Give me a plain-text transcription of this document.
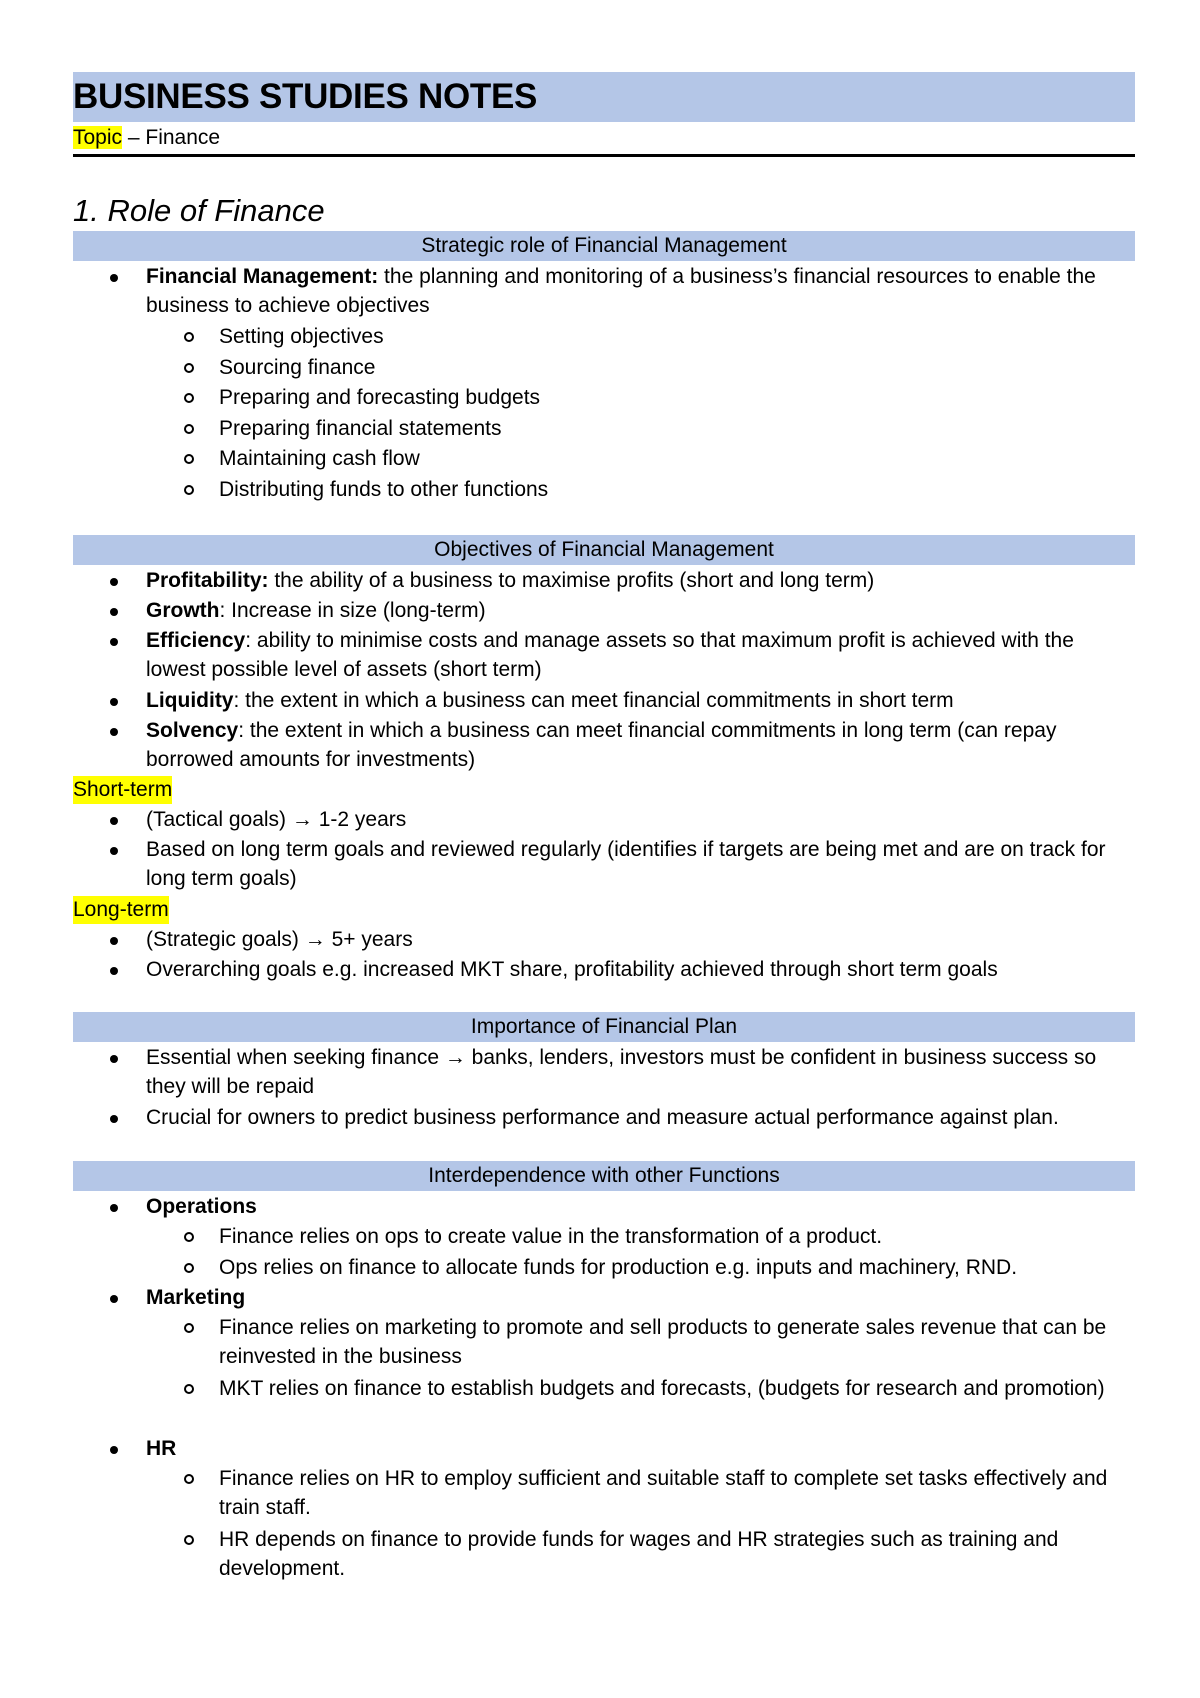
BUSINESS STUDIES NOTES
Topic – Finance
1. Role of Finance
Strategic role of Financial Management
Financial Management: the planning and monitoring of a business’s financial resources to enable the business to achieve objectives
Setting objectives
Sourcing finance
Preparing and forecasting budgets
Preparing financial statements
Maintaining cash flow
Distributing funds to other functions
Objectives of Financial Management
Profitability: the ability of a business to maximise profits (short and long term)
Growth: Increase in size (long-term)
Efficiency: ability to minimise costs and manage assets so that maximum profit is achieved with the lowest possible level of assets (short term)
Liquidity: the extent in which a business can meet financial commitments in short term
Solvency: the extent in which a business can meet financial commitments in long term (can repay borrowed amounts for investments)
Short-term
(Tactical goals) → 1-2 years
Based on long term goals and reviewed regularly (identifies if targets are being met and are on track for long term goals)
Long-term
(Strategic goals) → 5+ years
Overarching goals e.g. increased MKT share, profitability achieved through short term goals
Importance of Financial Plan
Essential when seeking finance → banks, lenders, investors must be confident in business success so they will be repaid
Crucial for owners to predict business performance and measure actual performance against plan.
Interdependence with other Functions
Operations
Finance relies on ops to create value in the transformation of a product.
Ops relies on finance to allocate funds for production e.g. inputs and machinery, RND.
Marketing
Finance relies on marketing to promote and sell products to generate sales revenue that can be reinvested in the business
MKT relies on finance to establish budgets and forecasts, (budgets for research and promotion)
HR
Finance relies on HR to employ sufficient and suitable staff to complete set tasks effectively and train staff.
HR depends on finance to provide funds for wages and HR strategies such as training and development.
